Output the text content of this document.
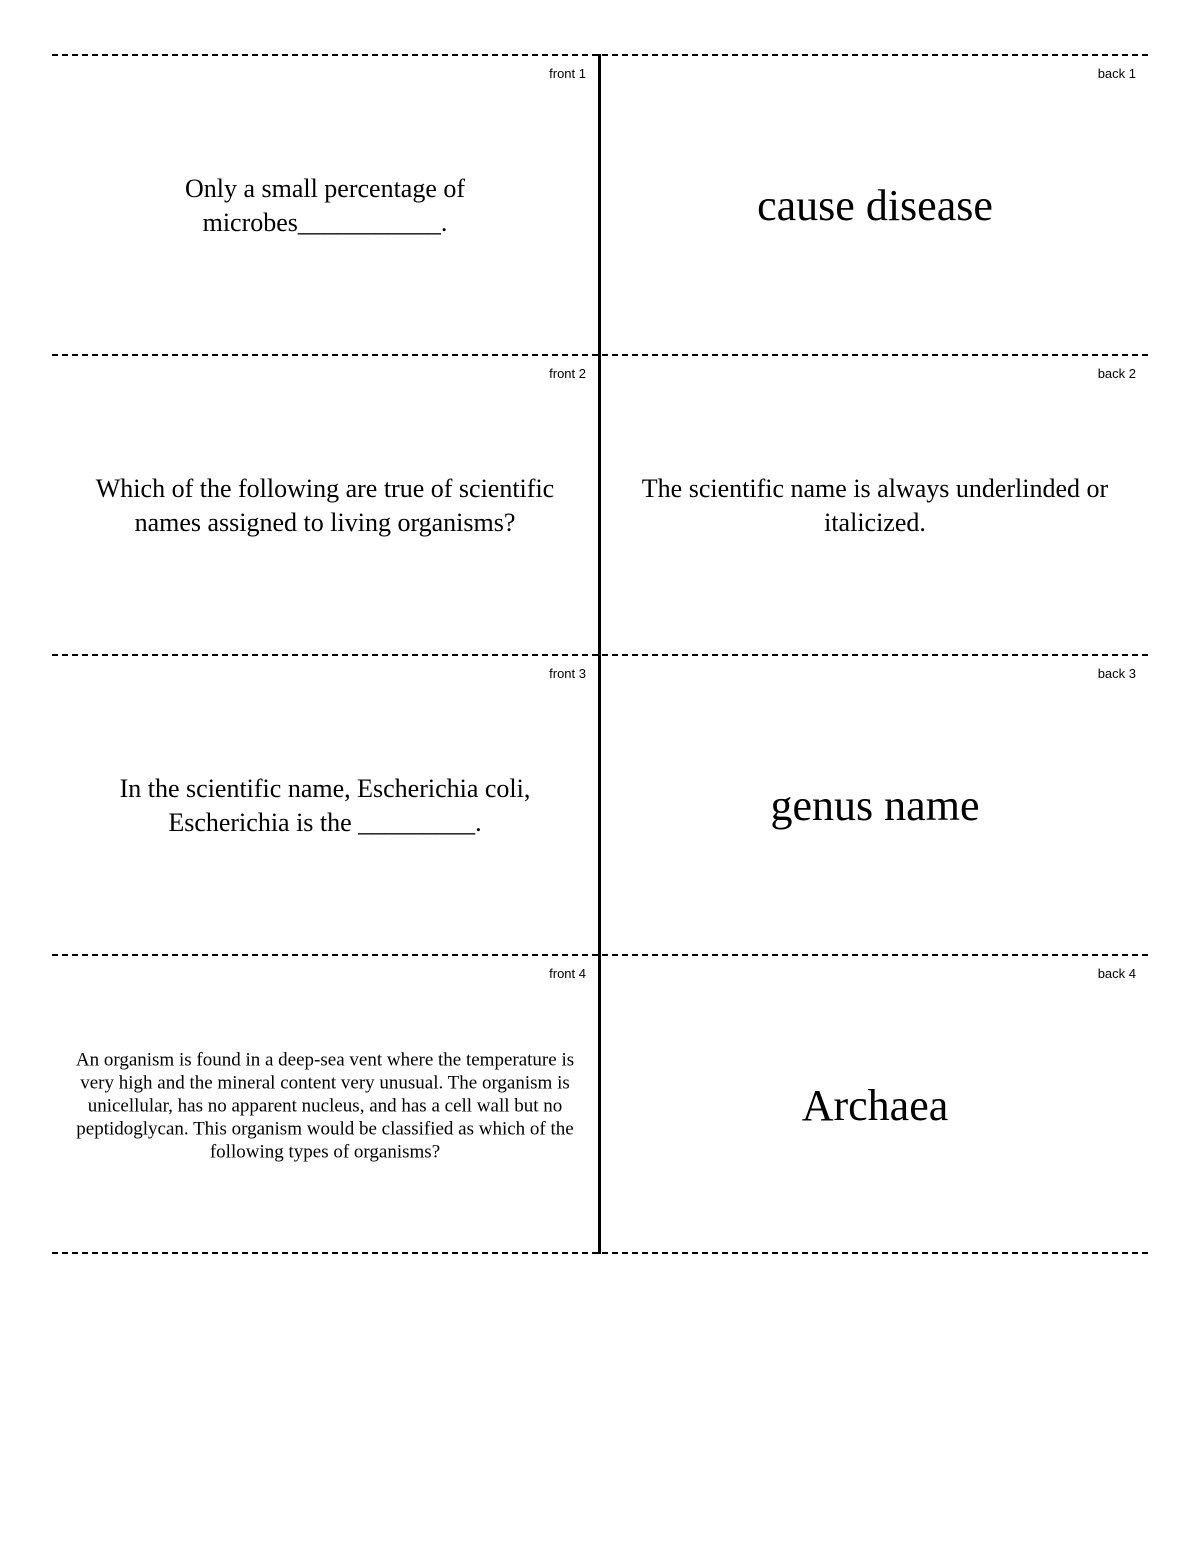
front 1
Only a small percentage of microbes___________.
back 1
cause disease
front 2
Which of the following are true of scientific names assigned to living organisms?
back 2
The scientific name is always underlinded or italicized.
front 3
In the scientific name, Escherichia coli, Escherichia is the _________.
back 3
genus name
front 4
An organism is found in a deep-sea vent where the temperature is very high and the mineral content very unusual. The organism is unicellular, has no apparent nucleus, and has a cell wall but no peptidoglycan. This organism would be classified as which of the following types of organisms?
back 4
Archaea
